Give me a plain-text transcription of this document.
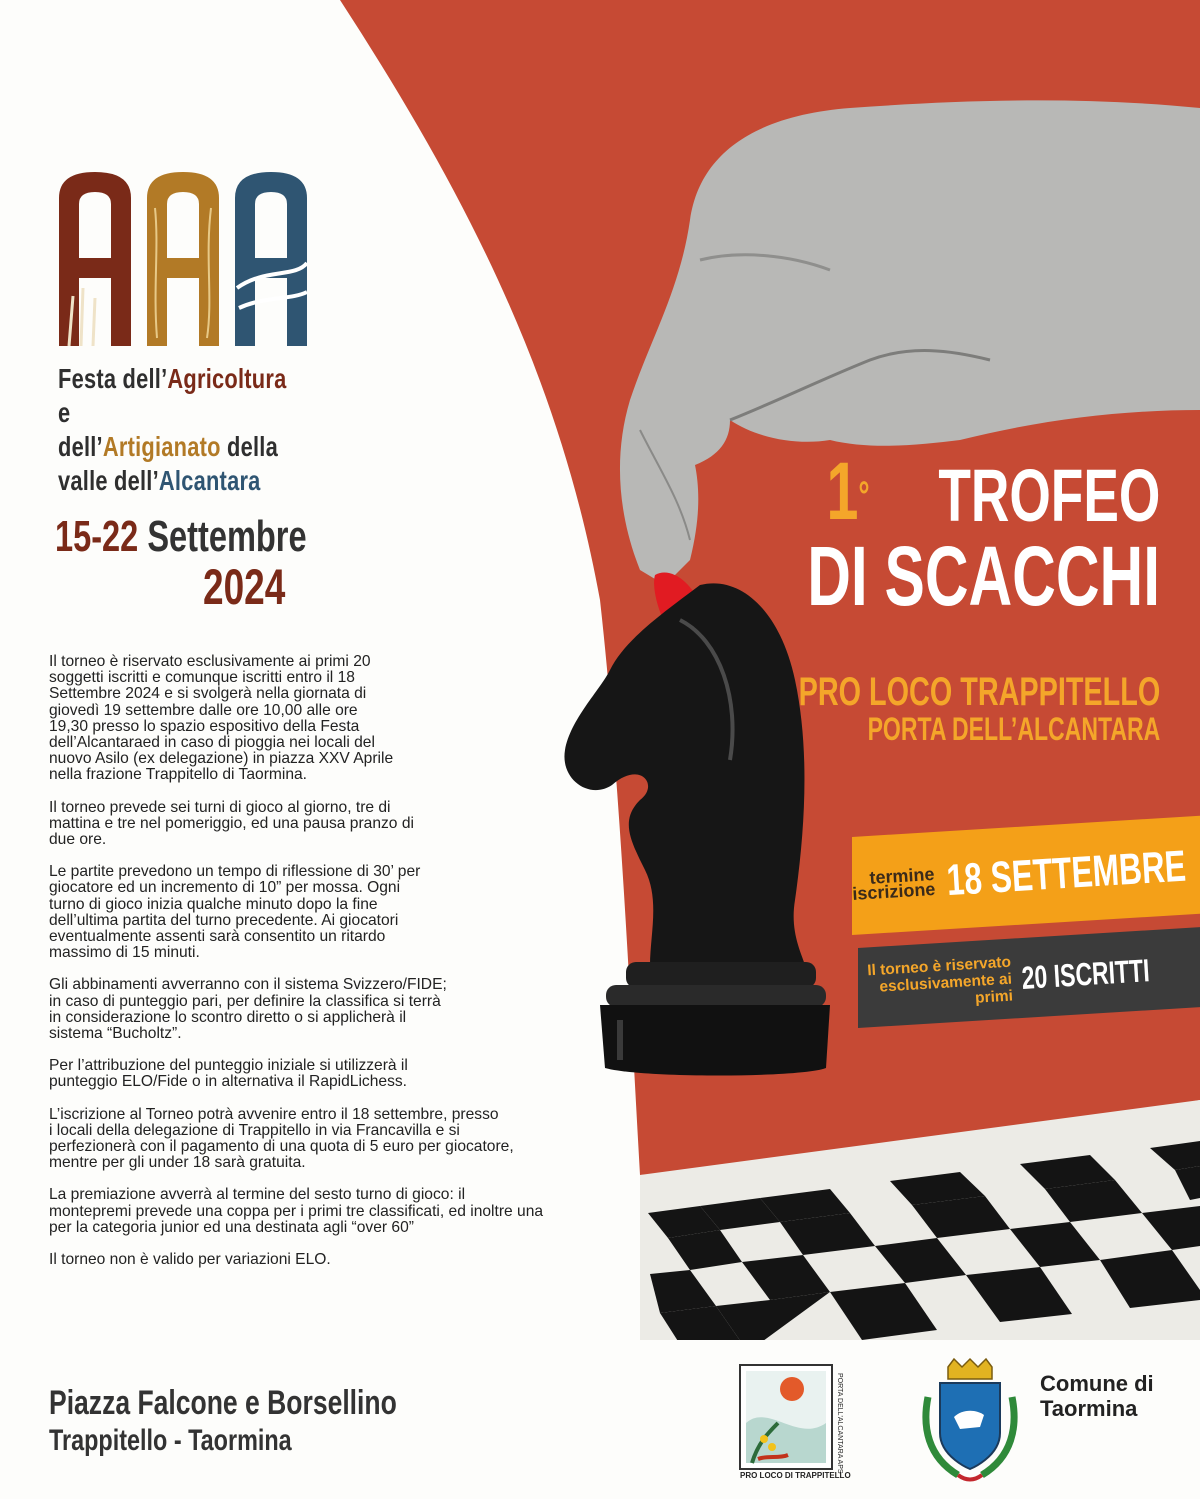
Festa dell’Agricoltura e
dell’Artigianato della
valle dell’Alcantara
15-22 Settembre
2024

Il torneo è riservato esclusivamente ai primi 20
soggetti iscritti e comunque iscritti entro il 18
Settembre 2024 e si svolgerà nella giornata di
giovedì 19 settembre dalle ore 10,00 alle ore
19,30 presso lo spazio espositivo della Festa
dell’Alcantaraed in caso di pioggia nei locali del
nuovo Asilo (ex delegazione) in piazza XXV Aprile
nella frazione Trappitello di Taormina.

Il torneo prevede sei turni di gioco al giorno, tre di
mattina e tre nel pomeriggio, ed una pausa pranzo di
due ore.

Le partite prevedono un tempo di riflessione di 30’ per
giocatore ed un incremento di 10” per mossa. Ogni
turno di gioco inizia qualche minuto dopo la fine
dell’ultima partita del turno precedente. Ai giocatori
eventualmente assenti sarà consentito un ritardo
massimo di 15 minuti.

Gli abbinamenti avverranno con il sistema Svizzero/FIDE;
in caso di punteggio pari, per definire la classifica si terrà
in considerazione lo scontro diretto o si applicherà il
sistema “Bucholtz”.

Per l’attribuzione del punteggio iniziale si utilizzerà il
punteggio ELO/Fide o in alternativa il RapidLichess.

L’iscrizione al Torneo potrà avvenire entro il 18 settembre, presso
i locali della delegazione di Trappitello in via Francavilla e si
perfezionerà con il pagamento di una quota di 5 euro per giocatore,
mentre per gli under 18 sarà gratuita.

La premiazione avverrà al termine del sesto turno di gioco: il
montepremi prevede una coppa per i primi tre classificati, ed inoltre una
per la categoria junior ed una destinata agli “over 60”

Il torneo non è valido per variazioni ELO.

Piazza Falcone e Borsellino
Trappitello - Taormina
1° TROFEO
DI SCACCHI
PRO LOCO TRAPPITELLO
PORTA DELL’ALCANTARA
termine
iscrizione 18 SETTEMBRE
Il torneo è riservato
esclusivamente ai primi
20 ISCRITTI
PORTA DELL'ALCANTARA APS
PRO LOCO DI TRAPPITELLO
Comune di
Taormina
